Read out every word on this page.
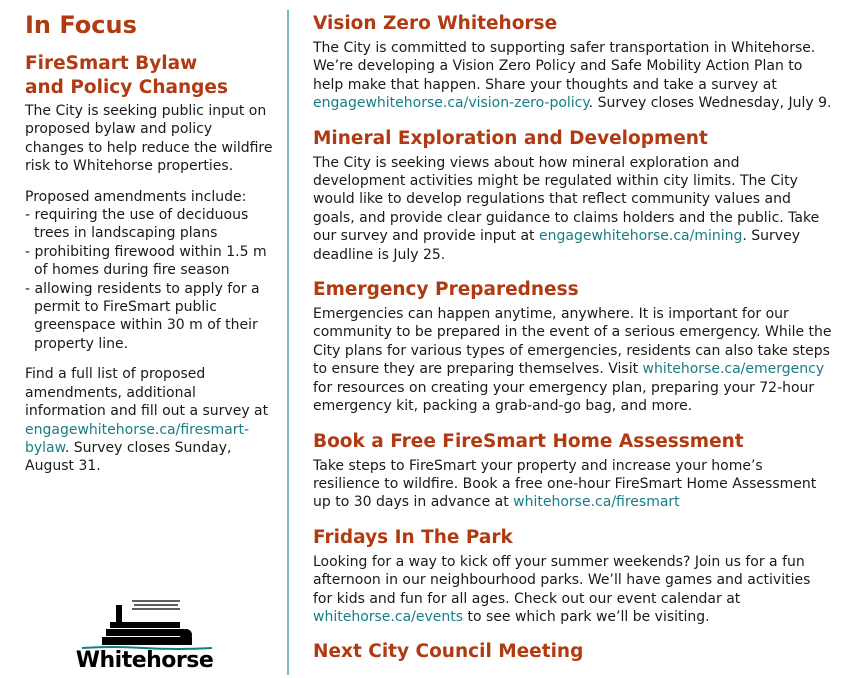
In Focus
FireSmart Bylaw
and Policy Changes

The City is seeking public input on proposed bylaw and policy changes to help reduce the wildfire risk to Whitehorse properties.

Proposed amendments include:

- requiring the use of deciduous trees in landscaping plans
- prohibiting firewood within 1.5 m of homes during fire season
- allowing residents to apply for a permit to FireSmart public greenspace within 30 m of their property line.

Find a full list of proposed amendments, additional information and fill out a survey at engagewhitehorse.ca/firesmart-bylaw. Survey closes Sunday, August 31.

Whitehorse
Vision Zero Whitehorse

The City is committed to supporting safer transportation in Whitehorse. We’re developing a Vision Zero Policy and Safe Mobility Action Plan to help make that happen. Share your thoughts and take a survey at engagewhitehorse.ca/vision-zero-policy. Survey closes Wednesday, July 9.

Mineral Exploration and Development

The City is seeking views about how mineral exploration and development activities might be regulated within city limits. The City would like to develop regulations that reflect community values and goals, and provide clear guidance to claims holders and the public. Take our survey and provide input at engagewhitehorse.ca/mining. Survey deadline is July 25.

Emergency Preparedness

Emergencies can happen anytime, anywhere. It is important for our community to be prepared in the event of a serious emergency. While the City plans for various types of emergencies, residents can also take steps to ensure they are preparing themselves. Visit whitehorse.ca/emergency for resources on creating your emergency plan, preparing your 72-hour emergency kit, packing a grab-and-go bag, and more.

Book a Free FireSmart Home Assessment

Take steps to FireSmart your property and increase your home’s resilience to wildfire. Book a free one-hour FireSmart Home Assessment up to 30 days in advance at whitehorse.ca/firesmart

Fridays In The Park

Looking for a way to kick off your summer weekends? Join us for a fun afternoon in our neighbourhood parks. We’ll have games and activities for kids and fun for all ages. Check out our event calendar at whitehorse.ca/events to see which park we’ll be visiting.

Next City Council Meeting
